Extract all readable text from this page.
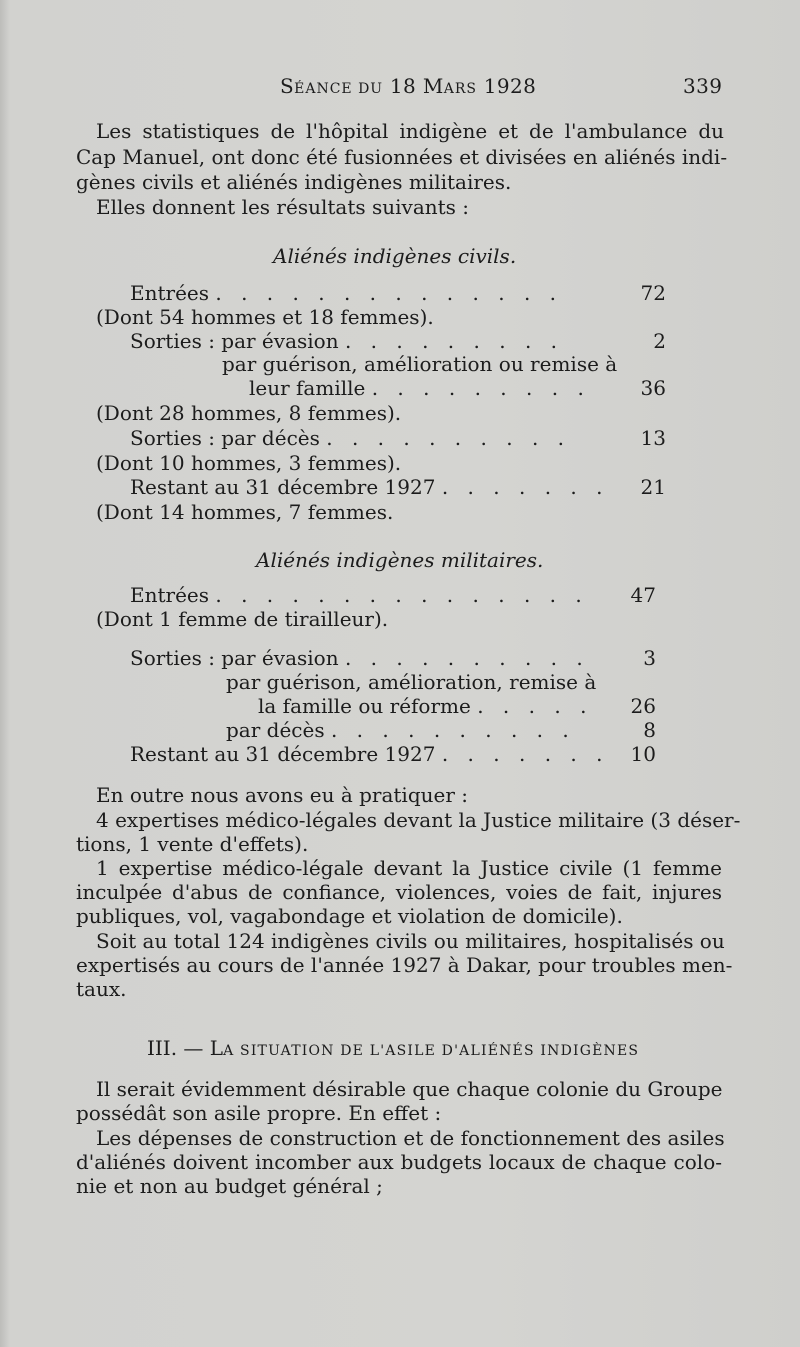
SÉANCE DU 18 MARS 1928	339
Les statistiques de l'hôpital indigène et de l'ambulance du
Cap Manuel, ont donc été fusionnées et divisées en aliénés indi-
gènes civils et aliénés indigènes militaires.
Elles donnent les résultats suivants :
Aliénés indigènes civils.
Entrées . . . . . . . . . . . . . .	72
(Dont 54 hommes et 18 femmes).
Sorties : par évasion . . . . . . . . .	2
par guérison, amélioration ou remise à
leur famille . . . . . . . . .	36
(Dont 28 hommes, 8 femmes).
Sorties : par décès . . . . . . . . . .	13
(Dont 10 hommes, 3 femmes).
Restant au 31 décembre 1927 . . . . . . .	21
(Dont 14 hommes, 7 femmes.
Aliénés indigènes militaires.
Entrées . . . . . . . . . . . . . . .	47
(Dont 1 femme de tirailleur).
Sorties : par évasion . . . . . . . . . .	3
par guérison, amélioration, remise à
la famille ou réforme . . . . .	26
par décès . . . . . . . . . .	8
Restant au 31 décembre 1927 . . . . . . .	10
En outre nous avons eu à pratiquer :
4 expertises médico-légales devant la Justice militaire (3 déser-
tions, 1 vente d'effets).
1 expertise médico-légale devant la Justice civile (1 femme
inculpée d'abus de confiance, violences, voies de fait, injures
publiques, vol, vagabondage et violation de domicile).
Soit au total 124 indigènes civils ou militaires, hospitalisés ou
expertisés au cours de l'année 1927 à Dakar, pour troubles men-
taux.
III. — LA SITUATION DE L'ASILE D'ALIÉNÉS INDIGÈNES
Il serait évidemment désirable que chaque colonie du Groupe
possédât son asile propre. En effet :
Les dépenses de construction et de fonctionnement des asiles
d'aliénés doivent incomber aux budgets locaux de chaque colo-
nie et non au budget général ;
